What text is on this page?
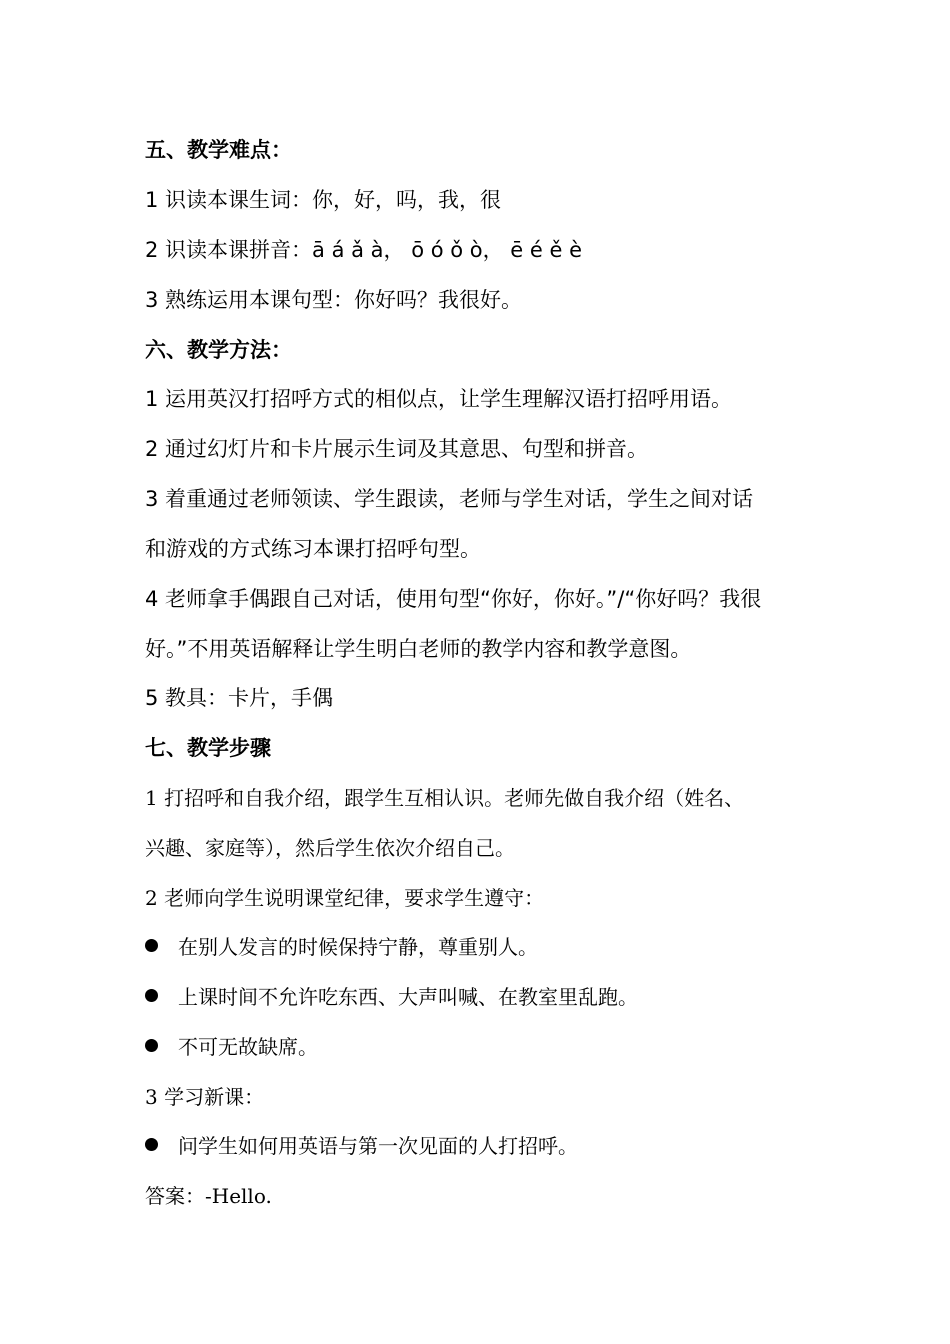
五、教学难点：
1 识读本课生词：你，好，吗，我，很
2 识读本课拼音：ā á ǎ à， ō ó ǒ ò， ē é ě è
3 熟练运用本课句型：你好吗？我很好。
六、教学方法：
1 运用英汉打招呼方式的相似点，让学生理解汉语打招呼用语。
2 通过幻灯片和卡片展示生词及其意思、句型和拼音。
3 着重通过老师领读、学生跟读，老师与学生对话，学生之间对话
和游戏的方式练习本课打招呼句型。
4 老师拿手偶跟自己对话，使用句型“你好，你好。”/“你好吗？我很
好。”不用英语解释让学生明白老师的教学内容和教学意图。
5 教具：卡片，手偶
七、教学步骤
1 打招呼和自我介绍，跟学生互相认识。老师先做自我介绍（姓名、
兴趣、家庭等），然后学生依次介绍自己。
2 老师向学生说明课堂纪律，要求学生遵守：
在别人发言的时候保持宁静，尊重别人。
上课时间不允许吃东西、大声叫喊、在教室里乱跑。
不可无故缺席。
3 学习新课：
问学生如何用英语与第一次见面的人打招呼。
答案：-Hello.
